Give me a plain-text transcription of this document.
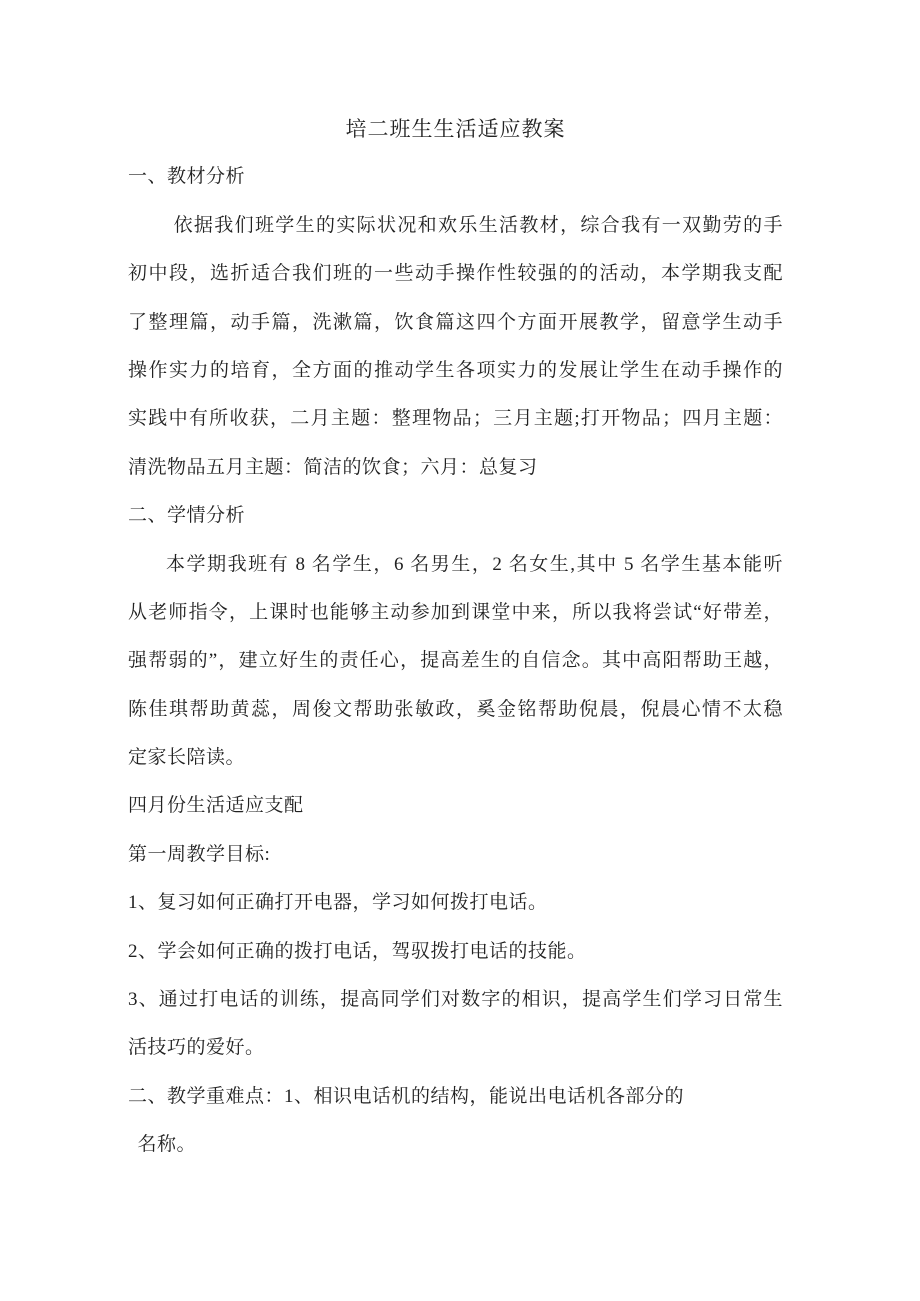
培二班生生活适应教案
一、教材分析
依据我们班学生的实际状况和欢乐生活教材，综合我有一双勤劳的手
初中段，选折适合我们班的一些动手操作性较强的的活动，本学期我支配
了整理篇，动手篇，洗漱篇，饮食篇这四个方面开展教学，留意学生动手
操作实力的培育，全方面的推动学生各项实力的发展让学生在动手操作的
实践中有所收获，二月主题：整理物品；三月主题;打开物品；四月主题：
清洗物品五月主题：简洁的饮食；六月：总复习
二、学情分析
本学期我班有 8 名学生，6 名男生，2 名女生,其中 5 名学生基本能听
从老师指令，上课时也能够主动参加到课堂中来，所以我将尝试“好带差，
强帮弱的”，建立好生的责任心，提高差生的自信念。其中高阳帮助王越，
陈佳琪帮助黄蕊，周俊文帮助张敏政，奚金铭帮助倪晨，倪晨心情不太稳
定家长陪读。
四月份生活适应支配
第一周教学目标:
1、复习如何正确打开电器，学习如何拨打电话。
2、学会如何正确的拨打电话，驾驭拨打电话的技能。
3、通过打电话的训练，提高同学们对数字的相识，提高学生们学习日常生
活技巧的爱好。
二、教学重难点：1、相识电话机的结构，能说出电话机各部分的
名称。
